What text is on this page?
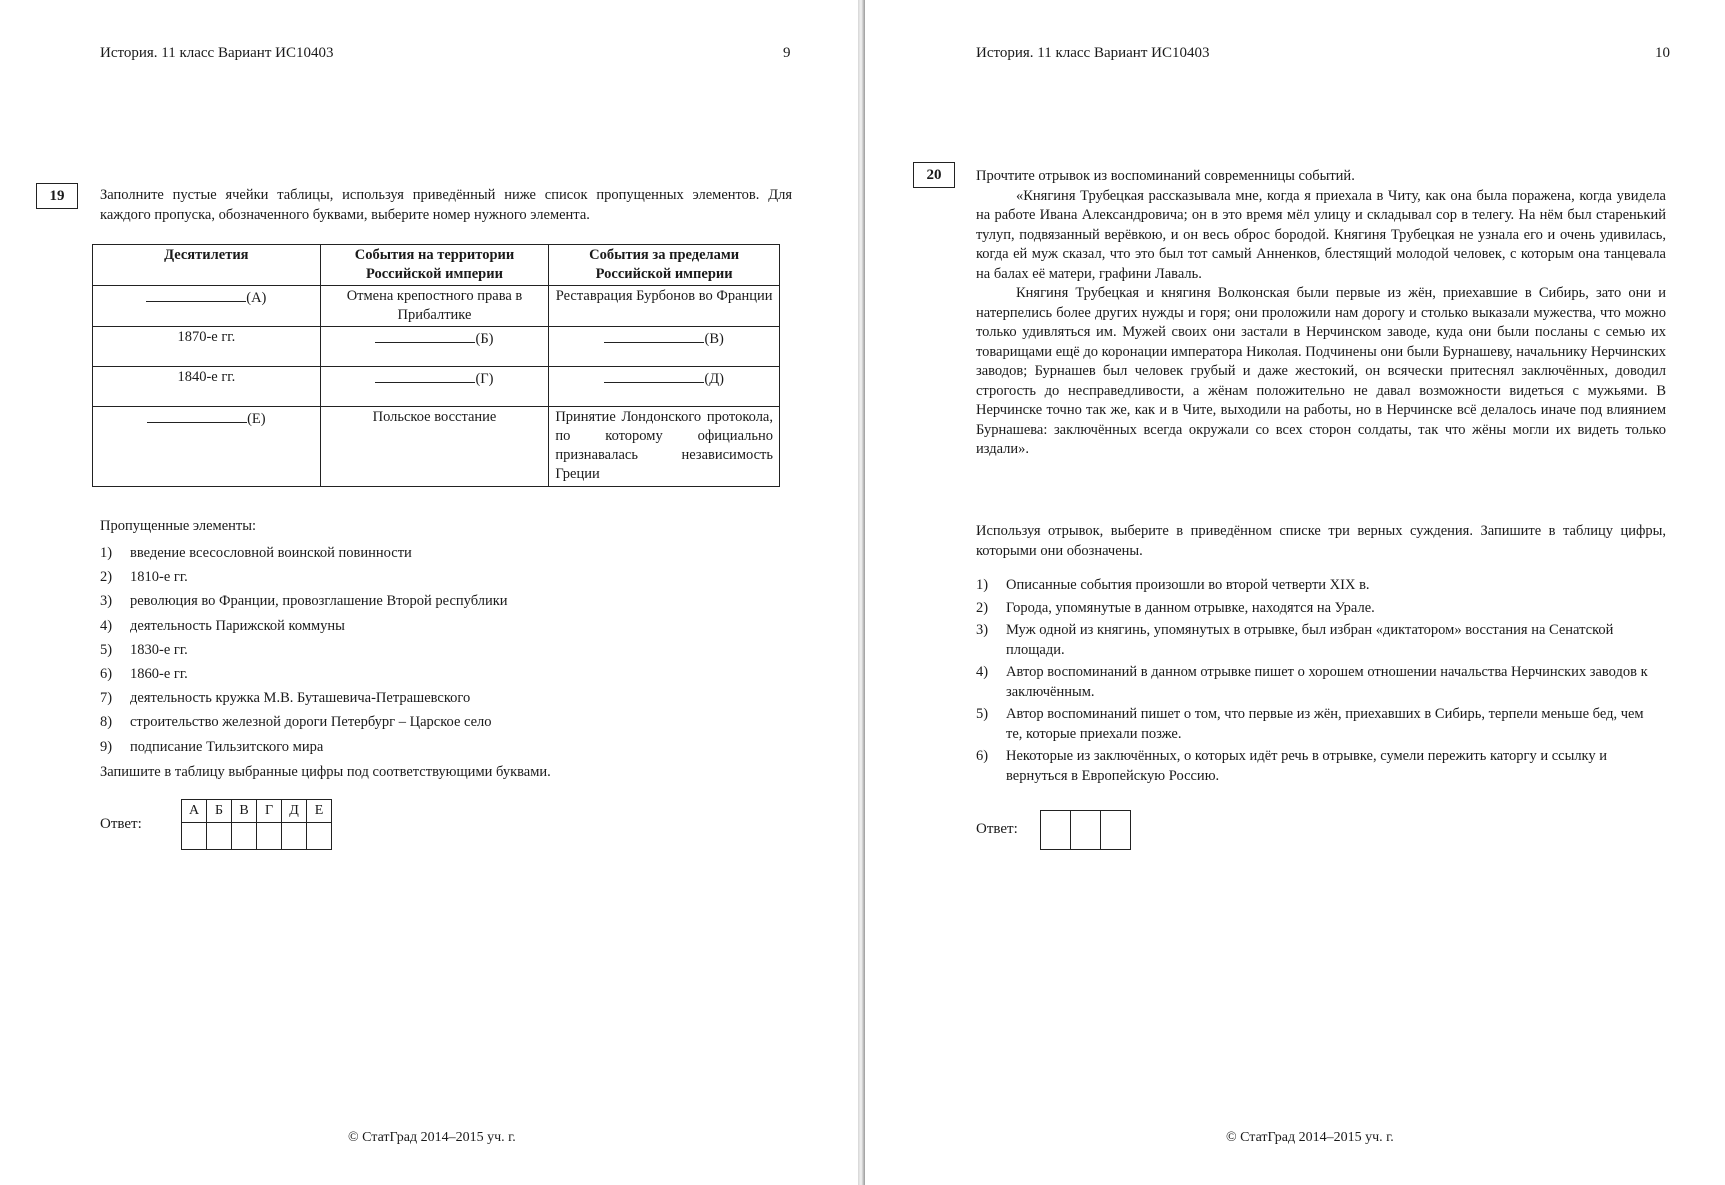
История. 11 класс Вариант ИС10403	9
19	Заполните пустые ячейки таблицы, используя приведённый ниже список пропущенных элементов. Для каждого пропуска, обозначенного буквами, выберите номер нужного элемента.

Десятилетия	События на территории Российской империи	События за пределами Российской империи
(А)	Отмена крепостного права в Прибалтике	Реставрация Бурбонов во Франции
1870-е гг.	(Б)	(В)
1840-е гг.	(Г)	(Д)
(Е)	Польское восстание	Принятие Лондонского протокола, по которому официально признавалась независимость Греции
Пропущенные элементы:
1) введение всесословной воинской повинности
2) 1810-е гг.
3) революция во Франции, провозглашение Второй республики
4) деятельность Парижской коммуны
5) 1830-е гг.
6) 1860-е гг.
7) деятельность кружка М.В. Буташевича-Петрашевского
8) строительство железной дороги Петербург – Царское село
9) подписание Тильзитского мира
Запишите в таблицу выбранные цифры под соответствующими буквами.
Ответ:
А	Б	В	Г	Д	Е

© СтатГрад 2014–2015 уч. г.
История. 11 класс Вариант ИС10403	10
20	Прочтите отрывок из воспоминаний современницы событий.

«Княгиня Трубецкая рассказывала мне, когда я приехала в Читу, как она была поражена, когда увидела на работе Ивана Александровича; он в это время мёл улицу и складывал сор в телегу. На нём был старенький тулуп, подвязанный верёвкою, и он весь оброс бородой. Княгиня Трубецкая не узнала его и очень удивилась, когда ей муж сказал, что это был тот самый Анненков, блестящий молодой человек, с которым она танцевала на балах её матери, графини Лаваль.

Княгиня Трубецкая и княгиня Волконская были первые из жён, приехавшие в Сибирь, зато они и натерпелись более других нужды и горя; они проложили нам дорогу и столько выказали мужества, что можно только удивляться им. Мужей своих они застали в Нерчинском заводе, куда они были посланы с семью их товарищами ещё до коронации императора Николая. Подчинены они были Бурнашеву, начальнику Нерчинских заводов; Бурнашев был человек грубый и даже жестокий, он всячески притеснял заключённых, доводил строгость до несправедливости, а жёнам положительно не давал возможности видеться с мужьями. В Нерчинске точно так же, как и в Чите, выходили на работы, но в Нерчинске всё делалось иначе под влиянием Бурнашева: заключённых всегда окружали со всех сторон солдаты, так что жёны могли их видеть только издали».

Используя отрывок, выберите в приведённом списке три верных суждения. Запишите в таблицу цифры, которыми они обозначены.

1) Описанные события произошли во второй четверти XIX в.
2) Города, упомянутые в данном отрывке, находятся на Урале.
3) Муж одной из княгинь, упомянутых в отрывке, был избран «диктатором» восстания на Сенатской площади.
4) Автор воспоминаний в данном отрывке пишет о хорошем отношении начальства Нерчинских заводов к заключённым.
5) Автор воспоминаний пишет о том, что первые из жён, приехавших в Сибирь, терпели меньше бед, чем те, которые приехали позже.
6) Некоторые из заключённых, о которых идёт речь в отрывке, сумели пережить каторгу и ссылку и вернуться в Европейскую Россию.
Ответ:

© СтатГрад 2014–2015 уч. г.
